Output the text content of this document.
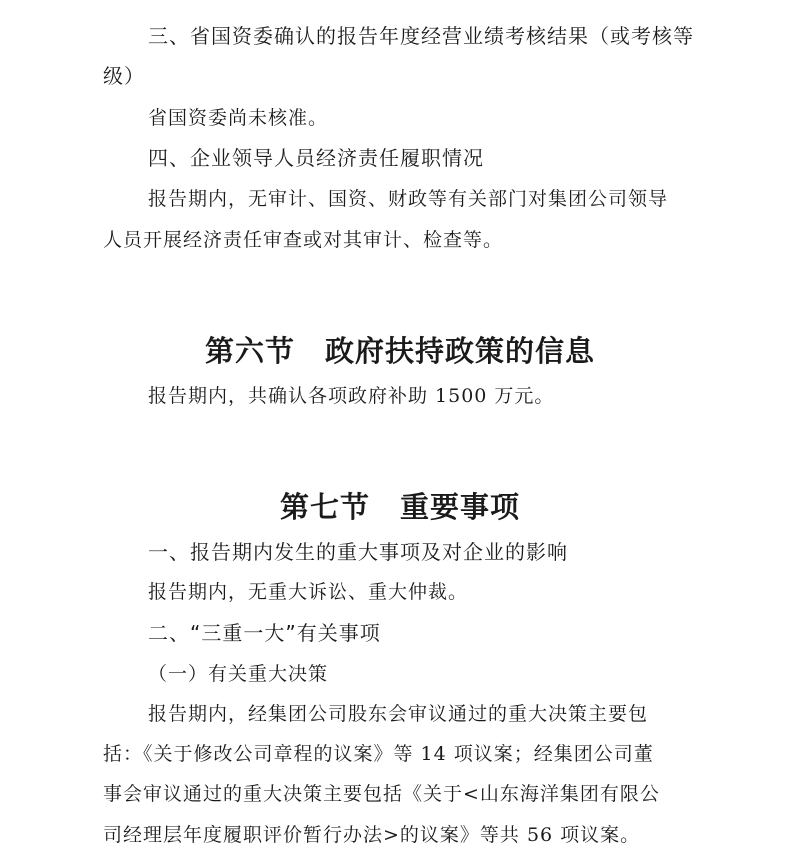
三、省国资委确认的报告年度经营业绩考核结果（或考核等
级）
省国资委尚未核准。
四、企业领导人员经济责任履职情况
报告期内，无审计、国资、财政等有关部门对集团公司领导
人员开展经济责任审查或对其审计、检查等。
第六节 政府扶持政策的信息
报告期内，共确认各项政府补助 1500 万元。
第七节 重要事项
一、报告期内发生的重大事项及对企业的影响
报告期内，无重大诉讼、重大仲裁。
二、“三重一大”有关事项
（一）有关重大决策
报告期内，经集团公司股东会审议通过的重大决策主要包
括：《关于修改公司章程的议案》等 14 项议案；经集团公司董
事会审议通过的重大决策主要包括《关于<山东海洋集团有限公
司经理层年度履职评价暂行办法>的议案》等共 56 项议案。
